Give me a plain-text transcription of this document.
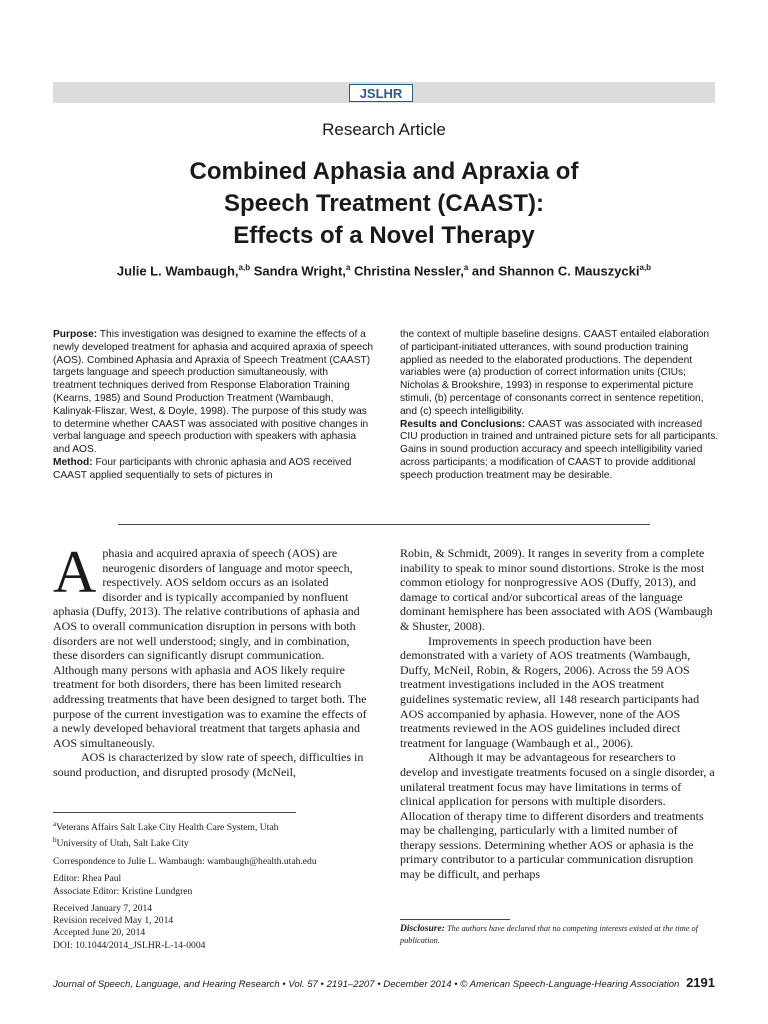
JSLHR
Research Article
Combined Aphasia and Apraxia of
Speech Treatment (CAAST):
Effects of a Novel Therapy
Julie L. Wambaugh,$^{a,b}$ Sandra Wright,$^a$ Christina Nessler,$^a$ and Shannon C. Mauszycki$^{a,b}$

Purpose: This investigation was designed to examine the effects of a newly developed treatment for aphasia and acquired apraxia of speech (AOS). Combined Aphasia and Apraxia of Speech Treatment (CAAST) targets language and speech production simultaneously, with treatment techniques derived from Response Elaboration Training (Kearns, 1985) and Sound Production Treatment (Wambaugh, Kalinyak-Fliszar, West, & Doyle, 1998). The purpose of this study was to determine whether CAAST was associated with positive changes in verbal language and speech production with speakers with aphasia and AOS.

Method: Four participants with chronic aphasia and AOS received CAAST applied sequentially to sets of pictures in

the context of multiple baseline designs. CAAST entailed elaboration of participant-initiated utterances, with sound production training applied as needed to the elaborated productions. The dependent variables were (a) production of correct information units (CIUs; Nicholas & Brookshire, 1993) in response to experimental picture stimuli, (b) percentage of consonants correct in sentence repetition, and (c) speech intelligibility.

Results and Conclusions: CAAST was associated with increased CIU production in trained and untrained picture sets for all participants. Gains in sound production accuracy and speech intelligibility varied across participants; a modification of CAAST to provide additional speech production treatment may be desirable.

Aphasia and acquired apraxia of speech (AOS) are neurogenic disorders of language and motor speech, respectively. AOS seldom occurs as an isolated disorder and is typically accompanied by nonfluent aphasia (Duffy, 2013). The relative contributions of aphasia and AOS to overall communication disruption in persons with both disorders are not well understood; singly, and in combination, these disorders can significantly disrupt communication. Although many persons with aphasia and AOS likely require treatment for both disorders, there has been limited research addressing treatments that have been designed to target both. The purpose of the current investigation was to examine the effects of a newly developed behavioral treatment that targets aphasia and AOS simultaneously.

AOS is characterized by slow rate of speech, difficulties in sound production, and disrupted prosody (McNeil,

Robin, & Schmidt, 2009). It ranges in severity from a complete inability to speak to minor sound distortions. Stroke is the most common etiology for nonprogressive AOS (Duffy, 2013), and damage to cortical and/or subcortical areas of the language dominant hemisphere has been associated with AOS (Wambaugh & Shuster, 2008).

Improvements in speech production have been demonstrated with a variety of AOS treatments (Wambaugh, Duffy, McNeil, Robin, & Rogers, 2006). Across the 59 AOS treatment investigations included in the AOS treatment guidelines systematic review, all 148 research participants had AOS accompanied by aphasia. However, none of the AOS treatments reviewed in the AOS guidelines included direct treatment for language (Wambaugh et al., 2006).

Although it may be advantageous for researchers to develop and investigate treatments focused on a single disorder, a unilateral treatment focus may have limitations in terms of clinical application for persons with multiple disorders. Allocation of therapy time to different disorders and treatments may be challenging, particularly with a limited number of therapy sessions. Determining whether AOS or aphasia is the primary contributor to a particular communication disruption may be difficult, and perhaps

$^a$Veterans Affairs Salt Lake City Health Care System, Utah
$^b$University of Utah, Salt Lake City
Correspondence to Julie L. Wambaugh: wambaugh@health.utah.edu
Editor: Rhea Paul
Associate Editor: Kristine Lundgren
Received January 7, 2014
Revision received May 1, 2014
Accepted June 20, 2014
DOI: 10.1044/2014_JSLHR-L-14-0004
Disclosure: The authors have declared that no competing interests existed at the time of publication.
Journal of Speech, Language, and Hearing Research • Vol. 57 • 2191–2207 • December 2014 • © American Speech-Language-Hearing Association 2191
